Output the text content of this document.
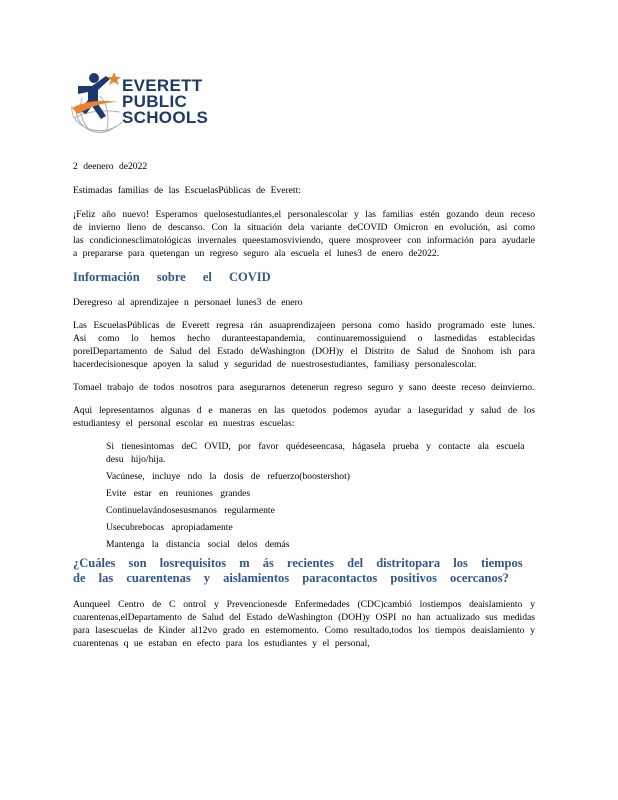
EVERETT
PUBLIC
SCHOOLS

2 deenero de2022

Estimadas familias de las EscuelasPúblicas de Everett:

¡Feliz año nuevo! Esperamos quelosestudiantes,el personalescolar y las familias estén gozando deun receso de invierno lleno de descanso. Con la situación dela variante deCOVID Omicron en evolución, asi como las condicionesclimatológicas invernales queestamosviviendo, quere mosproveer con información para ayudarle a prepararse para quetengan un regreso seguro ala escuela el lunes3 de enero de2022.

Información sobre el COVID

Deregreso al aprendizajee n personael lunes3 de enero

Las EscuelasPúblicas de Everett regresa rán asuaprendizajeen persona como hasido programado este lunes. Asi como lo hemos hecho duranteestapandemia, continuaremossiguiend o lasmedidas establecidas porelDepartamento de Salud del Estado deWashington (DOH)y el Distrito de Salud de Snohom ish para hacerdecisionesque apoyen la salud y seguridad de nuestrosestudiantes, familiasy personalescolar.

Tomael trabajo de todos nosotros para asegurarnos detenerun regreso seguro y sano deeste receso deinvierno.

Aqui lepresentamos algunas d e maneras en las quetodos podemos ayudar a laseguridad y salud de los estudiantesy el personal escolar en nuestras escuelas:

Si tienesintomas deC OVID, por favor quédeseencasa, hágasela prueba y contacte ala escuela desu hijo/hija.
Vacúnese, incluye ndo la dosis de refuerzo(boostershot)
Evite estar en reuniones grandes
Continuelavándosesusmanos regularmente
Usecubrebocas apropiadamente
Mantenga la distancia social delos demás
¿Cuáles son losrequisitos m ás recientes del distritopara los tiempos de las cuarentenas y aislamientos paracontactos positivos ocercanos?

Aunqueel Centro de C ontrol y Prevencionesde Enfermedades (CDC)cambió lostiempos deaislamiento y cuarentenas,elDepartamento de Salud del Estado deWashington (DOH)y OSPI no han actualizado sus medidas para lasescuelas de Kinder al12vo grado en estemomento. Como resultado,todos los tiempos deaislamiento y cuarentenas q ue estaban en efecto para los estudiantes y el personal,
